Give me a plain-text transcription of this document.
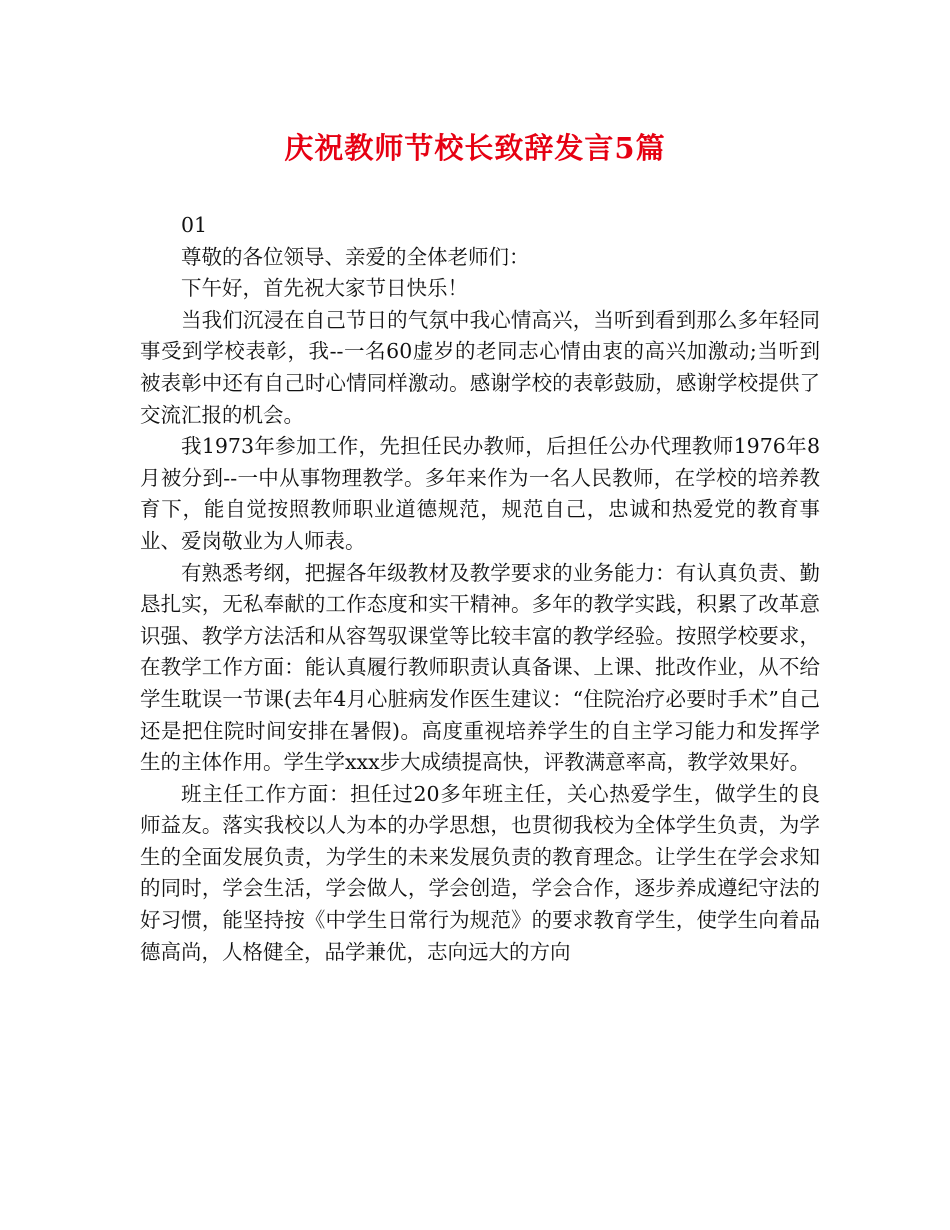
庆祝教师节校长致辞发言5篇

01

尊敬的各位领导、亲爱的全体老师们：

下午好，首先祝大家节日快乐！

当我们沉浸在自己节日的气氛中我心情高兴，当听到看到那么多年轻同事受到学校表彰，我--一名60虚岁的老同志心情由衷的高兴加激动;当听到被表彰中还有自己时心情同样激动。感谢学校的表彰鼓励，感谢学校提供了交流汇报的机会。

我1973年参加工作，先担任民办教师，后担任公办代理教师1976年8月被分到--一中从事物理教学。多年来作为一名人民教师，在学校的培养教育下，能自觉按照教师职业道德规范，规范自己，忠诚和热爱党的教育事业、爱岗敬业为人师表。

有熟悉考纲，把握各年级教材及教学要求的业务能力：有认真负责、勤恳扎实，无私奉献的工作态度和实干精神。多年的教学实践，积累了改革意识强、教学方法活和从容驾驭课堂等比较丰富的教学经验。按照学校要求，在教学工作方面：能认真履行教师职责认真备课、上课、批改作业，从不给学生耽误一节课(去年4月心脏病发作医生建议：“住院治疗必要时手术”自己还是把住院时间安排在暑假)。高度重视培养学生的自主学习能力和发挥学生的主体作用。学生学xxx步大成绩提高快，评教满意率高，教学效果好。

班主任工作方面：担任过20多年班主任，关心热爱学生，做学生的良师益友。落实我校以人为本的办学思想，也贯彻我校为全体学生负责，为学生的全面发展负责，为学生的未来发展负责的教育理念。让学生在学会求知的同时，学会生活，学会做人，学会创造，学会合作，逐步养成遵纪守法的好习惯，能坚持按《中学生日常行为规范》的要求教育学生，使学生向着品德高尚，人格健全，品学兼优，志向远大的方向
